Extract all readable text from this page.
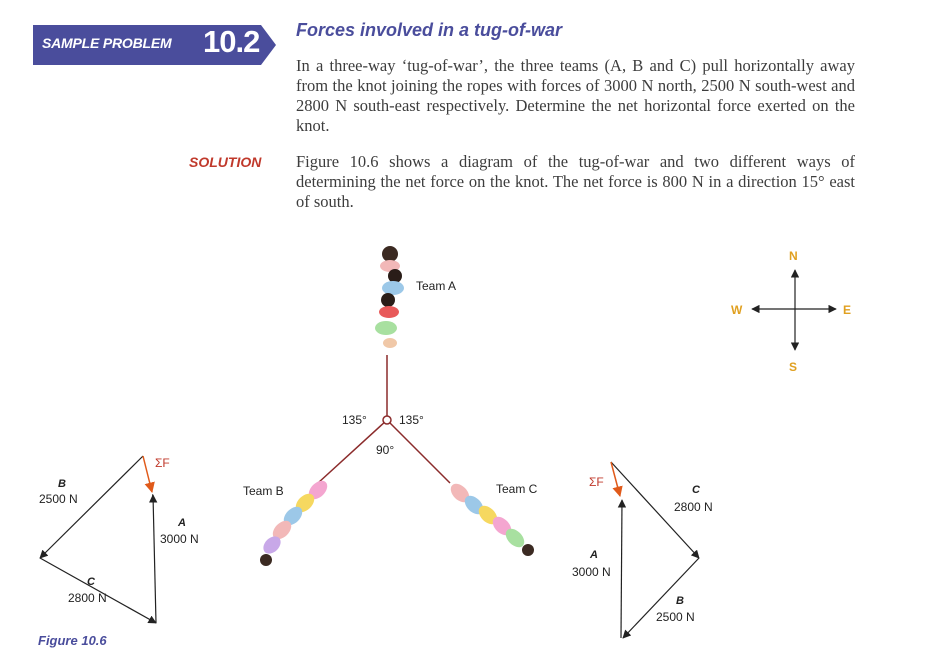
SAMPLE PROBLEM 10.2 Forces involved in a tug-of-war
In a three-way ‘tug-of-war’, the three teams (A, B and C) pull horizontally away from the knot joining the ropes with forces of 3000 N north, 2500 N south-west and 2800 N south-east respectively. Determine the net horizontal force exerted on the knot.
SOLUTION Figure 10.6 shows a diagram of the tug-of-war and two different ways of determining the net force on the knot. The net force is 800 N in a direction 15° east of south.
Team A
Team B	Team C
135°	135°
90°
N
S
E
W
ΣF
B
2500 N
A
3000 N
C
2800 N
ΣF
C
2800 N
A
3000 N
B
2500 N
Figure 10.6
